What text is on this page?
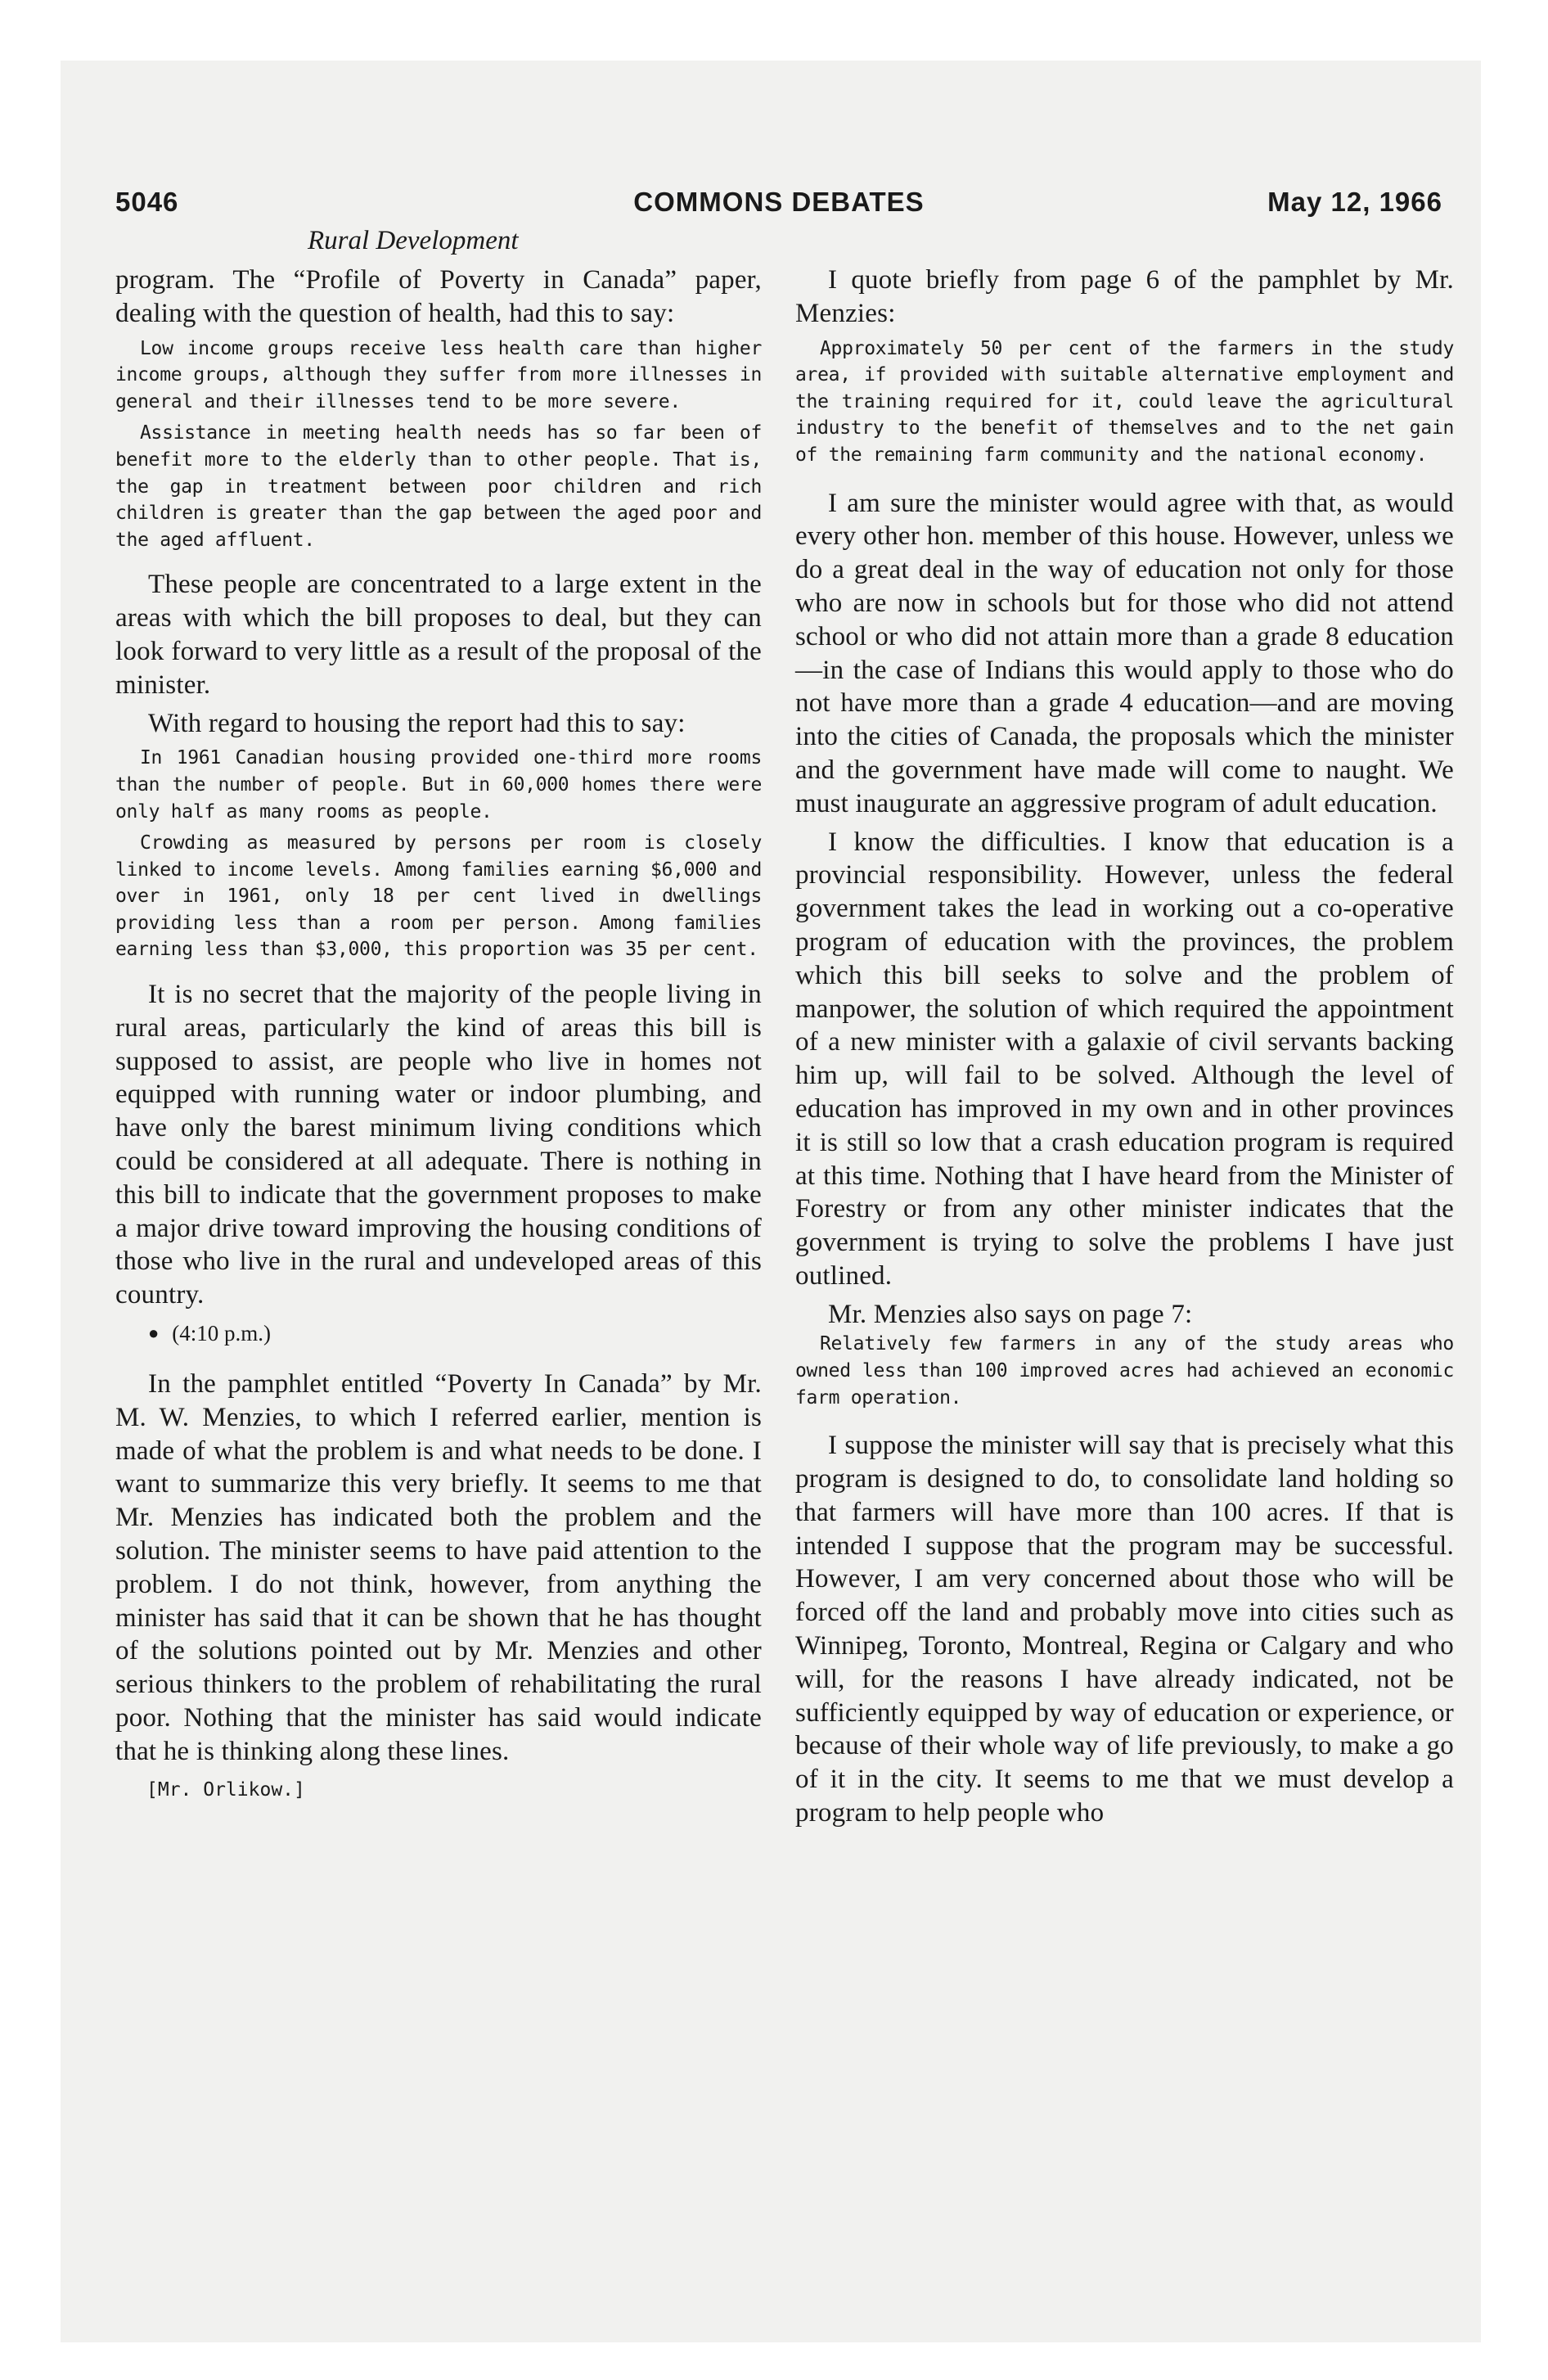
5046	COMMONS DEBATES	May 12, 1966
Rural Development

program. The “Profile of Poverty in Canada” paper, dealing with the question of health, had this to say:

Low income groups receive less health care than higher income groups, although they suffer from more illnesses in general and their illnesses tend to be more severe.

Assistance in meeting health needs has so far been of benefit more to the elderly than to other people. That is, the gap in treatment between poor children and rich children is greater than the gap between the aged poor and the aged affluent.

These people are concentrated to a large extent in the areas with which the bill proposes to deal, but they can look forward to very little as a result of the proposal of the minister.

With regard to housing the report had this to say:

In 1961 Canadian housing provided one-third more rooms than the number of people. But in 60,000 homes there were only half as many rooms as people.

Crowding as measured by persons per room is closely linked to income levels. Among families earning $6,000 and over in 1961, only 18 per cent lived in dwellings providing less than a room per person. Among families earning less than $3,000, this proportion was 35 per cent.

It is no secret that the majority of the people living in rural areas, particularly the kind of areas this bill is supposed to assist, are people who live in homes not equipped with running water or indoor plumbing, and have only the barest minimum living conditions which could be considered at all adequate. There is nothing in this bill to indicate that the government proposes to make a major drive toward improving the housing conditions of those who live in the rural and undeveloped areas of this country.

● (4:10 p.m.)

In the pamphlet entitled “Poverty In Canada” by Mr. M. W. Menzies, to which I referred earlier, mention is made of what the problem is and what needs to be done. I want to summarize this very briefly. It seems to me that Mr. Menzies has indicated both the problem and the solution. The minister seems to have paid attention to the problem. I do not think, however, from anything the minister has said that it can be shown that he has thought of the solutions pointed out by Mr. Menzies and other serious thinkers to the problem of rehabilitating the rural poor. Nothing that the minister has said would indicate that he is thinking along these lines.

[Mr. Orlikow.]

I quote briefly from page 6 of the pamphlet by Mr. Menzies:

Approximately 50 per cent of the farmers in the study area, if provided with suitable alternative employment and the training required for it, could leave the agricultural industry to the benefit of themselves and to the net gain of the remaining farm community and the national economy.

I am sure the minister would agree with that, as would every other hon. member of this house. However, unless we do a great deal in the way of education not only for those who are now in schools but for those who did not attend school or who did not attain more than a grade 8 education—in the case of Indians this would apply to those who do not have more than a grade 4 education—and are moving into the cities of Canada, the proposals which the minister and the government have made will come to naught. We must inaugurate an aggressive program of adult education.

I know the difficulties. I know that education is a provincial responsibility. However, unless the federal government takes the lead in working out a co-operative program of education with the provinces, the problem which this bill seeks to solve and the problem of manpower, the solution of which required the appointment of a new minister with a galaxie of civil servants backing him up, will fail to be solved. Although the level of education has improved in my own and in other provinces it is still so low that a crash education program is required at this time. Nothing that I have heard from the Minister of Forestry or from any other minister indicates that the government is trying to solve the problems I have just outlined.

Mr. Menzies also says on page 7:

Relatively few farmers in any of the study areas who owned less than 100 improved acres had achieved an economic farm operation.

I suppose the minister will say that is precisely what this program is designed to do, to consolidate land holding so that farmers will have more than 100 acres. If that is intended I suppose that the program may be successful. However, I am very concerned about those who will be forced off the land and probably move into cities such as Winnipeg, Toronto, Montreal, Regina or Calgary and who will, for the reasons I have already indicated, not be sufficiently equipped by way of education or experience, or because of their whole way of life previously, to make a go of it in the city. It seems to me that we must develop a program to help people who
